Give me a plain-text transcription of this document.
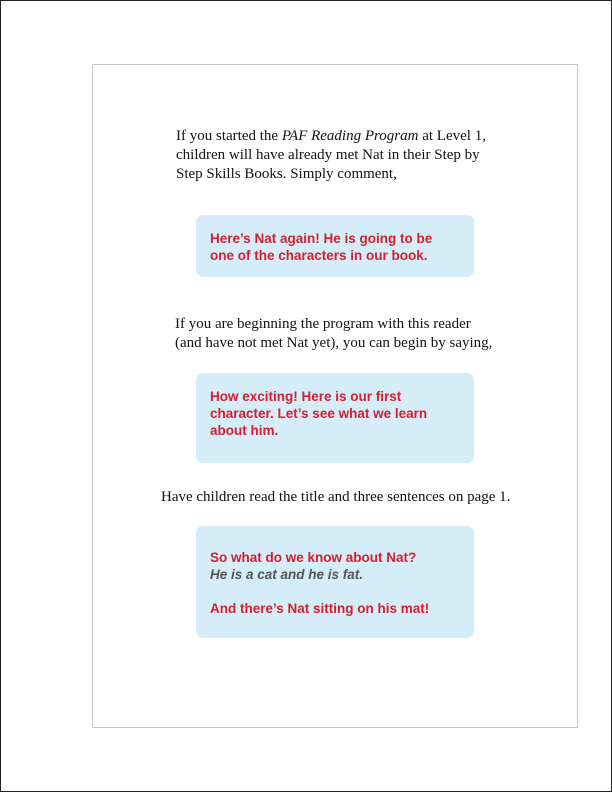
If you started the PAF Reading Program at Level 1,
children will have already met Nat in their Step by
Step Skills Books. Simply comment,

Here’s Nat again! He is going to be

one of the characters in our book.

If you are beginning the program with this reader
(and have not met Nat yet), you can begin by saying,

How exciting! Here is our first

character. Let’s see what we learn

about him.

Have children read the title and three sentences on page 1.

So what do we know about Nat?

He is a cat and he is fat.

And there’s Nat sitting on his mat!
